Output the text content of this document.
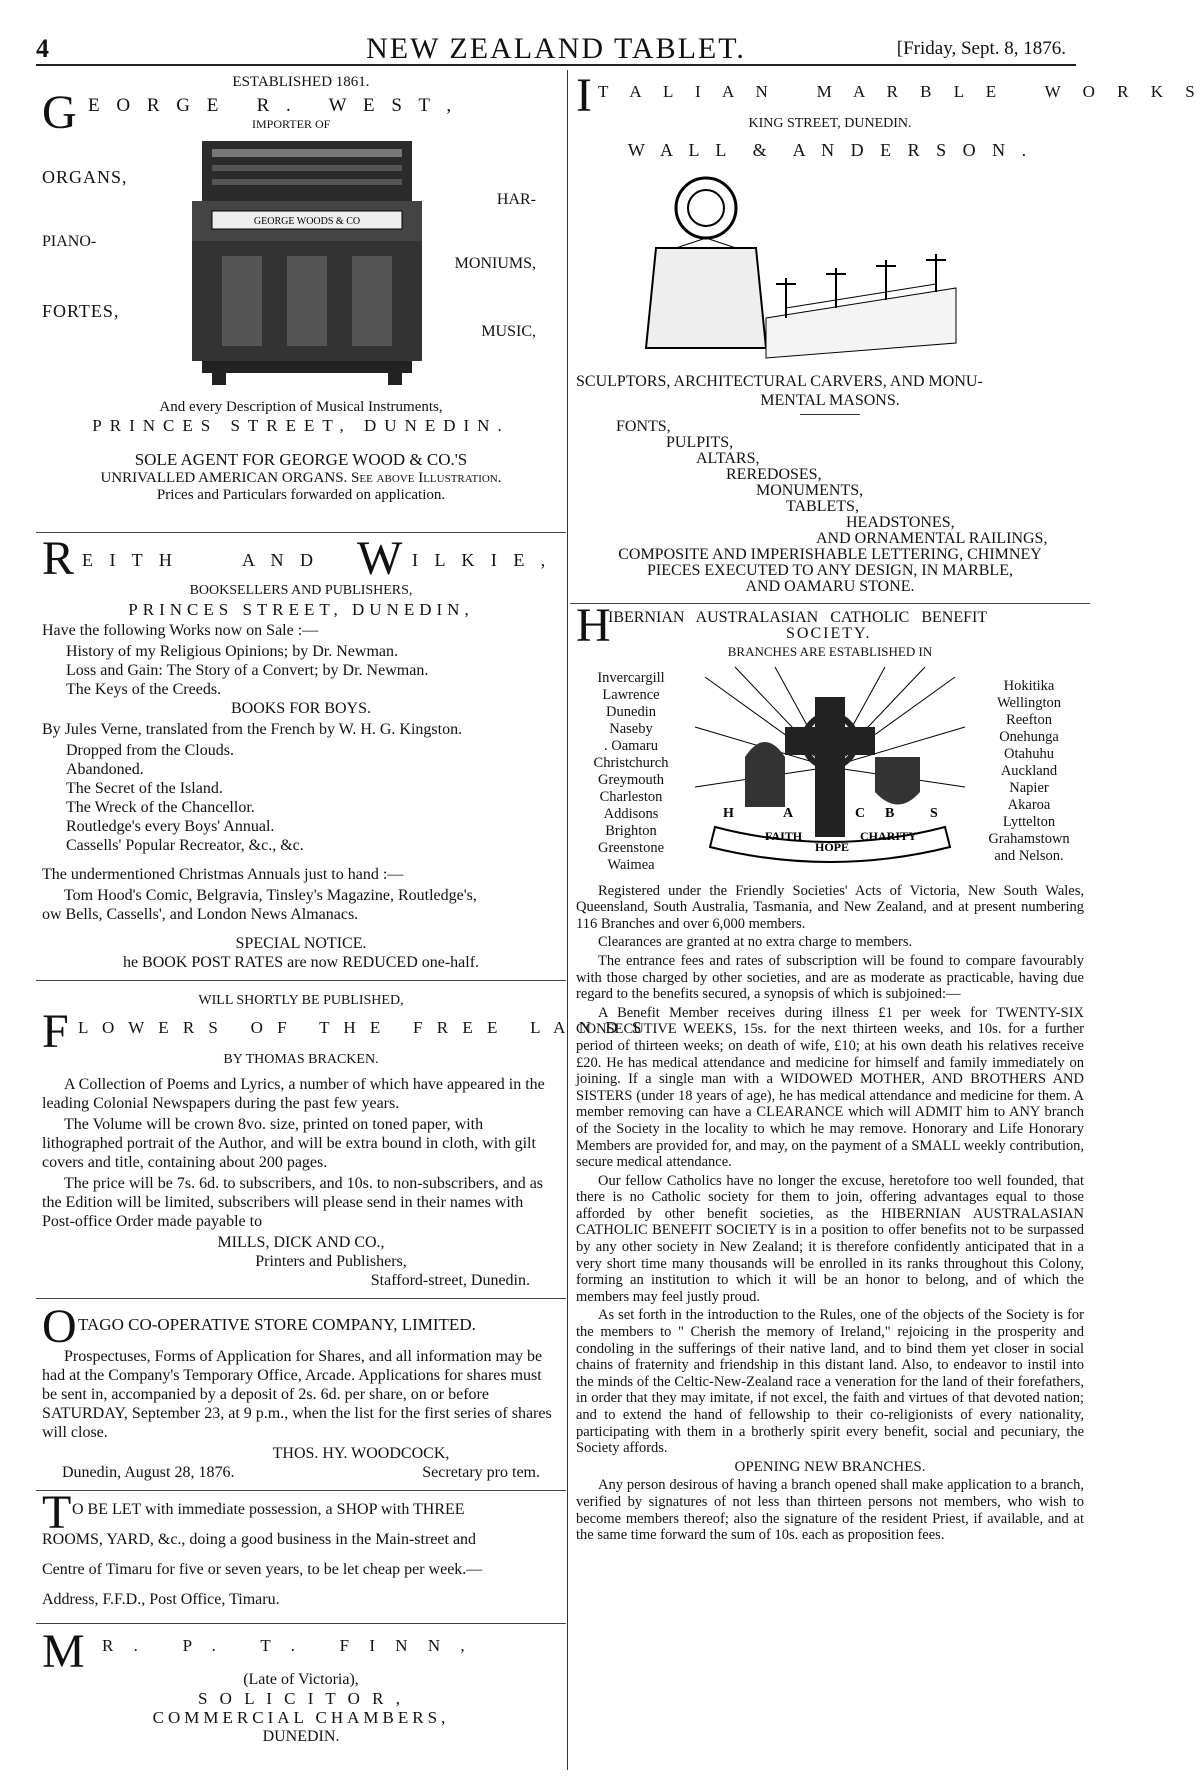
4	NEW ZEALAND TABLET.	[Friday, Sept. 8, 1876.
ESTABLISHED 1861.
G E O R G E   R .   W E S T ,
IMPORTER OF
ORGANS,
PIANO-
FORTES,
HAR-
MONIUMS,
MUSIC,
GEORGE WOODS & CO
And every Description of Musical Instruments,
PRINCES STREET, DUNEDIN.
SOLE AGENT FOR GEORGE WOOD & CO.'S
UNRIVALLED AMERICAN ORGANS. See above Illustration.
Prices and Particulars forwarded on application.
R E I T H	A N D W I L K I E ,
BOOKSELLERS AND PUBLISHERS,
PRINCES STREET, DUNEDIN,

Have the following Works now on Sale :—

History of my Religious Opinions; by Dr. Newman.
Loss and Gain: The Story of a Convert; by Dr. Newman.
The Keys of the Creeds.
BOOKS FOR BOYS.

By Jules Verne, translated from the French by W. H. G. Kingston.

Dropped from the Clouds.
Abandoned.
The Secret of the Island.
The Wreck of the Chancellor.
Routledge's every Boys' Annual.
Cassells' Popular Recreator, &c., &c.

The undermentioned Christmas Annuals just to hand :—

Tom Hood's Comic, Belgravia, Tinsley's Magazine, Routledge's,

ow Bells, Cassells', and London News Almanacs.

SPECIAL NOTICE.
he BOOK POST RATES are now REDUCED one-half.
WILL SHORTLY BE PUBLISHED,
F L O W E R S   O F   T H E   F R E E   L A N D S
BY THOMAS BRACKEN.

A Collection of Poems and Lyrics, a number of which have appeared in the leading Colonial Newspapers during the past few years.

The Volume will be crown 8vo. size, printed on toned paper, with lithographed portrait of the Author, and will be extra bound in cloth, with gilt covers and title, containing about 200 pages.

The price will be 7s. 6d. to subscribers, and 10s. to non-subscribers, and as the Edition will be limited, subscribers will please send in their names with Post-office Order made payable to

MILLS, DICK AND CO.,
Printers and Publishers,
Stafford-street, Dunedin.
O TAGO CO-OPERATIVE STORE COMPANY, LIMITED.

Prospectuses, Forms of Application for Shares, and all information may be had at the Company's Temporary Office, Arcade. Applications for shares must be sent in, accompanied by a deposit of 2s. 6d. per share, on or before SATURDAY, September 23, at 9 p.m., when the list for the first series of shares will close.

THOS. HY. WOODCOCK,
Dunedin, August 28, 1876.	Secretary pro tem.
T O BE LET with immediate possession, a SHOP with THREE
ROOMS, YARD, &c., doing a good business in the Main-street and
Centre of Timaru for five or seven years, to be let cheap per week.—
Address, F.F.D., Post Office, Timaru.
M R .   P .   T .   F I N N ,
(Late of Victoria),
S O L I C I T O R ,
COMMERCIAL CHAMBERS,
DUNEDIN.
I T A L I A N   M A R B L E   W O R K S
KING STREET, DUNEDIN.
W A L L  &  A N D E R S O N .
SCULPTORS, ARCHITECTURAL CARVERS, AND MONU-
MENTAL MASONS.
FONTS,
PULPITS,
ALTARS,
REREDOSES,
MONUMENTS,
TABLETS,
HEADSTONES,
AND ORNAMENTAL RAILINGS,
COMPOSITE AND IMPERISHABLE LETTERING, CHIMNEY
PIECES EXECUTED TO ANY DESIGN, IN MARBLE,
AND OAMARU STONE.
H
IBERNIAN   AUSTRALASIAN   CATHOLIC   BENEFIT
SOCIETY.
BRANCHES ARE ESTABLISHED IN
Invercargill
Lawrence
Dunedin
Naseby
. Oamaru
Christchurch
Greymouth
Charleston
Addisons
Brighton
Greenstone
Waimea
FAITH
HOPE
CHARITY
H	A	C B	S
Hokitika
Wellington
Reefton
Onehunga
Otahuhu
Auckland
Napier
Akaroa
Lyttelton
Grahamstown
and Nelson.

Registered under the Friendly Societies' Acts of Victoria, New South Wales, Queensland, South Australia, Tasmania, and New Zealand, and at present numbering 116 Branches and over 6,000 members.

Clearances are granted at no extra charge to members.

The entrance fees and rates of subscription will be found to compare favourably with those charged by other societies, and are as moderate as practicable, having due regard to the benefits secured, a synopsis of which is subjoined:—

A Benefit Member receives during illness £1 per week for TWENTY-SIX CONSECUTIVE WEEKS, 15s. for the next thirteen weeks, and 10s. for a further period of thirteen weeks; on death of wife, £10; at his own death his relatives receive £20. He has medical attendance and medicine for himself and family immediately on joining. If a single man with a WIDOWED MOTHER, AND BROTHERS AND SISTERS (under 18 years of age), he has medical attendance and medicine for them. A member removing can have a CLEARANCE which will ADMIT him to ANY branch of the Society in the locality to which he may remove. Honorary and Life Honorary Members are provided for, and may, on the payment of a SMALL weekly contribution, secure medical attendance.

Our fellow Catholics have no longer the excuse, heretofore too well founded, that there is no Catholic society for them to join, offering advantages equal to those afforded by other benefit societies, as the HIBERNIAN AUSTRALASIAN CATHOLIC BENEFIT SOCIETY is in a position to offer benefits not to be surpassed by any other society in New Zealand; it is therefore confidently anticipated that in a very short time many thousands will be enrolled in its ranks throughout this Colony, forming an institution to which it will be an honor to belong, and of which the members may feel justly proud.

As set forth in the introduction to the Rules, one of the objects of the Society is for the members to " Cherish the memory of Ireland," rejoicing in the prosperity and condoling in the sufferings of their native land, and to bind them yet closer in social chains of fraternity and friendship in this distant land. Also, to endeavor to instil into the minds of the Celtic-New-Zealand race a veneration for the land of their forefathers, in order that they may imitate, if not excel, the faith and virtues of that devoted nation; and to extend the hand of fellowship to their co-religionists of every nationality, participating with them in a brotherly spirit every benefit, social and pecuniary, the Society affords.

OPENING NEW BRANCHES.

Any person desirous of having a branch opened shall make application to a branch, verified by signatures of not less than thirteen persons not members, who wish to become members thereof; also the signature of the resident Priest, if available, and at the same time forward the sum of 10s. each as proposition fees.
